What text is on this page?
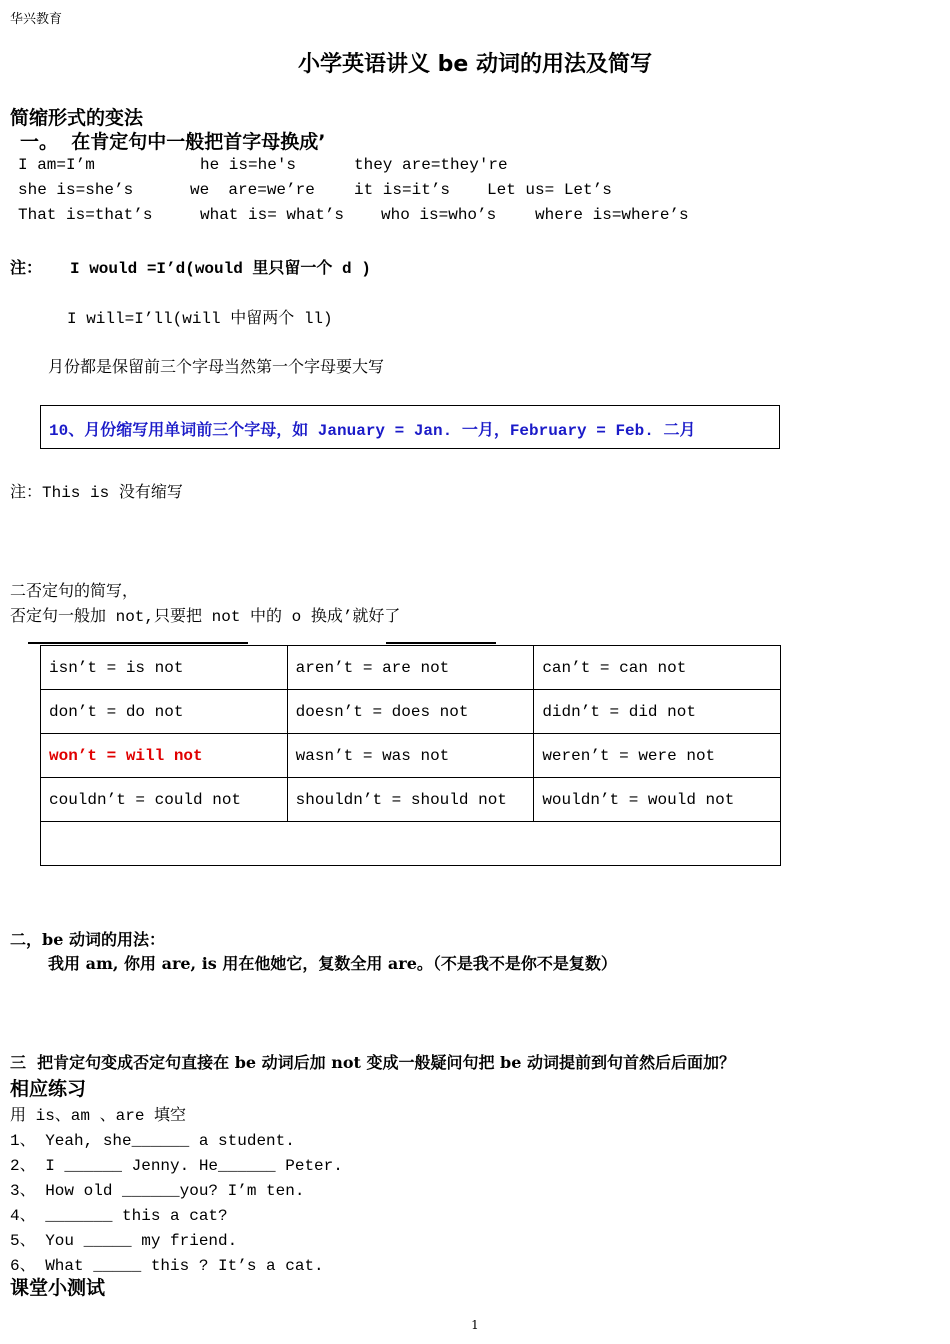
华兴教育
小学英语讲义 be 动词的用法及简写
简缩形式的变法
一。  在肯定句中一般把首字母换成’
I am=I’m	he is=he's	they are=they're
she is=she’s	we  are=we’re it is=it’s Let us= Let’s
That is=that’s	what is= what’s who is=who’s where is=where’s
注： I would =I’d(would 里只留一个 d )
I will=I’ll(will 中留两个 ll)
月份都是保留前三个字母当然第一个字母要大写
10、月份缩写用单词前三个字母，如 January = Jan. 一月，February = Feb. 二月
注：This is 没有缩写
二否定句的简写，
否定句一般加 not,只要把 not 中的 o 换成’就好了
isn’t = is not	aren’t = are not	can’t = can not
don’t = do not	doesn’t = does not	didn’t = did not
won’t = will not	wasn’t = was not	weren’t = were not
couldn’t = could not	shouldn’t = should not	wouldn’t = would not

二，be 动词的用法：
我用 am, 你用 are, is 用在他她它，复数全用 are。（不是我不是你不是复数）
三  把肯定句变成否定句直接在 be 动词后加 not 变成一般疑问句把 be 动词提前到句首然后后面加？
相应练习
用 is、am 、are 填空
1、 Yeah, she______ a student.
2、 I ______ Jenny. He______ Peter.
3、 How old ______you? I’m ten.
4、 _______ this a cat?
5、 You _____ my friend.
6、 What _____ this ? It’s a cat.
课堂小测试
1
